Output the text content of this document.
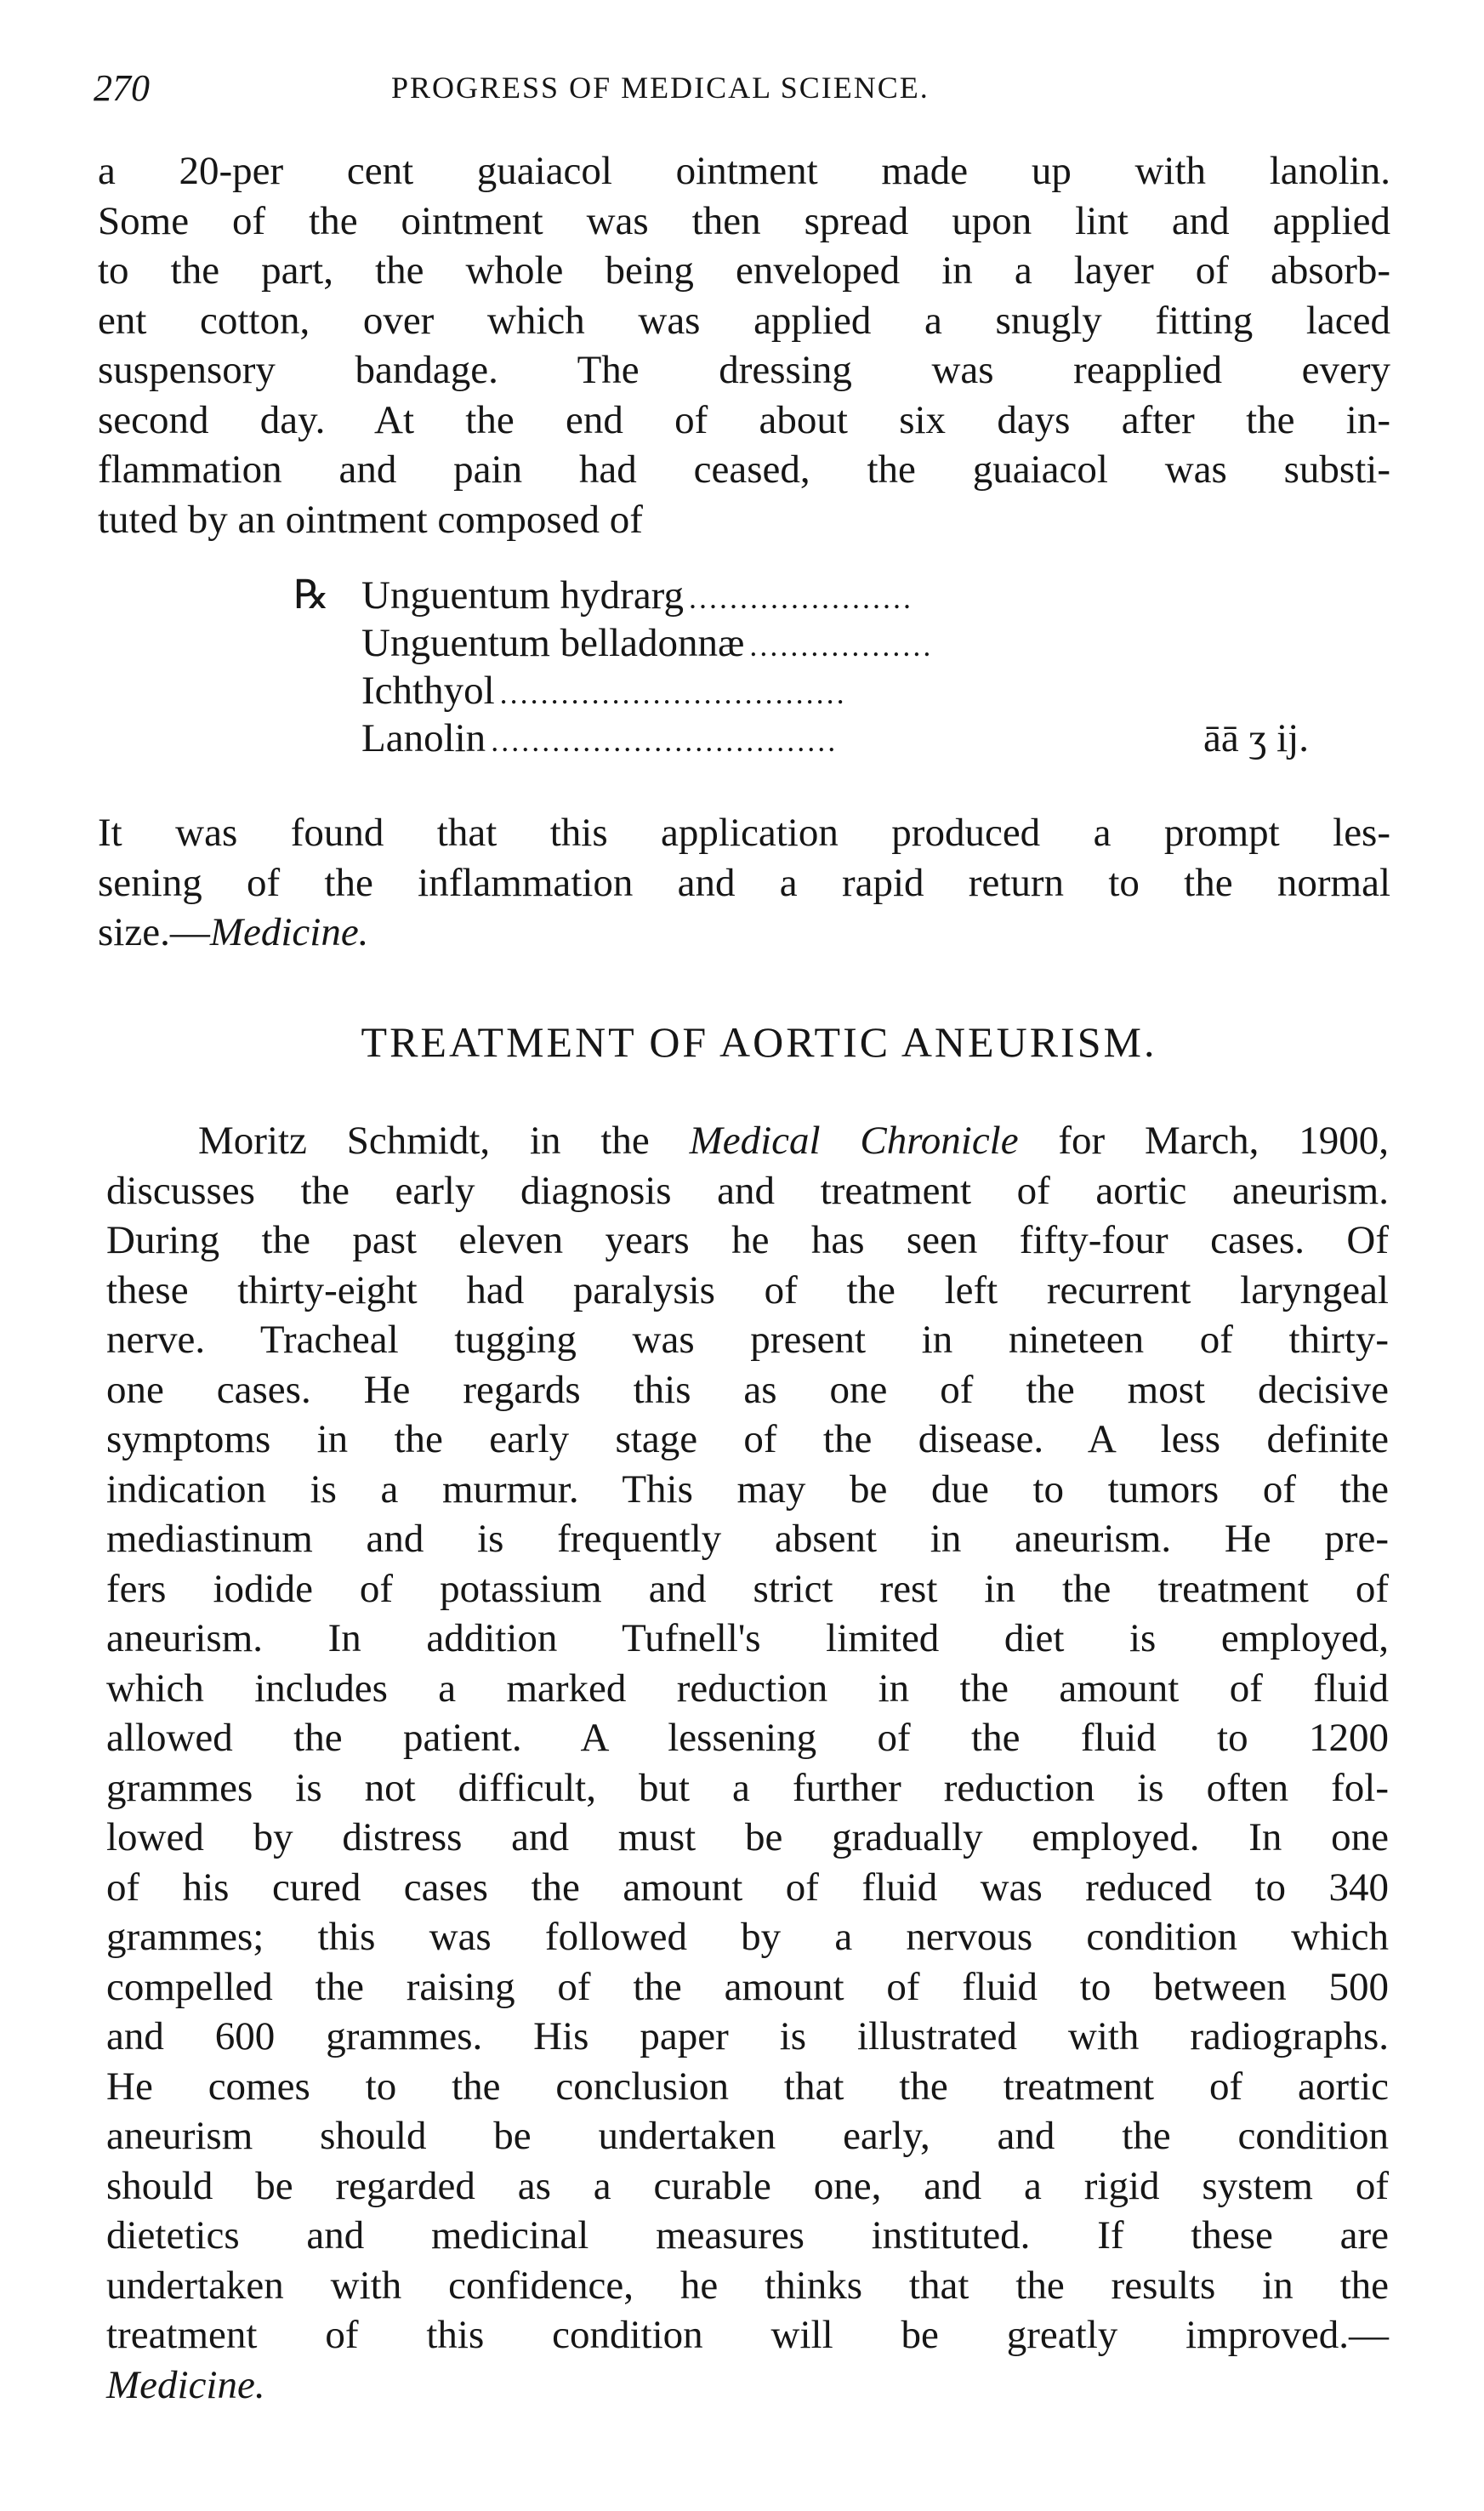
270	PROGRESS OF MEDICAL SCIENCE.

a 20-per cent guaiacol ointment made up with lanolin.
Some of the ointment was then spread upon lint and applied
to the part, the whole being enveloped in a layer of absorb-
ent cotton, over which was applied a snugly fitting laced
suspensory bandage. The dressing was reapplied every
second day. At the end of about six days after the in-
flammation and pain had ceased, the guaiacol was substi-
tuted by an ointment composed of

℞ Unguentum hydrarg ......................
Unguentum belladonnæ ..................
Ichthyol ..................................
Lanolin ..................................	āā ʒ ij.

It was found that this application produced a prompt les-
sening of the inflammation and a rapid return to the normal
size.—Medicine.

TREATMENT OF AORTIC ANEURISM.

Moritz Schmidt, in the Medical Chronicle for March, 1900,
discusses the early diagnosis and treatment of aortic aneurism.
During the past eleven years he has seen fifty-four cases. Of
these thirty-eight had paralysis of the left recurrent laryngeal
nerve. Tracheal tugging was present in nineteen of thirty-
one cases. He regards this as one of the most decisive
symptoms in the early stage of the disease. A less definite
indication is a murmur. This may be due to tumors of the
mediastinum and is frequently absent in aneurism. He pre-
fers iodide of potassium and strict rest in the treatment of
aneurism. In addition Tufnell's limited diet is employed,
which includes a marked reduction in the amount of fluid
allowed the patient. A lessening of the fluid to 1200
grammes is not difficult, but a further reduction is often fol-
lowed by distress and must be gradually employed. In one
of his cured cases the amount of fluid was reduced to 340
grammes; this was followed by a nervous condition which
compelled the raising of the amount of fluid to between 500
and 600 grammes. His paper is illustrated with radiographs.
He comes to the conclusion that the treatment of aortic
aneurism should be undertaken early, and the condition
should be regarded as a curable one, and a rigid system of
dietetics and medicinal measures instituted. If these are
undertaken with confidence, he thinks that the results in the
treatment of this condition will be greatly improved.—
Medicine.
